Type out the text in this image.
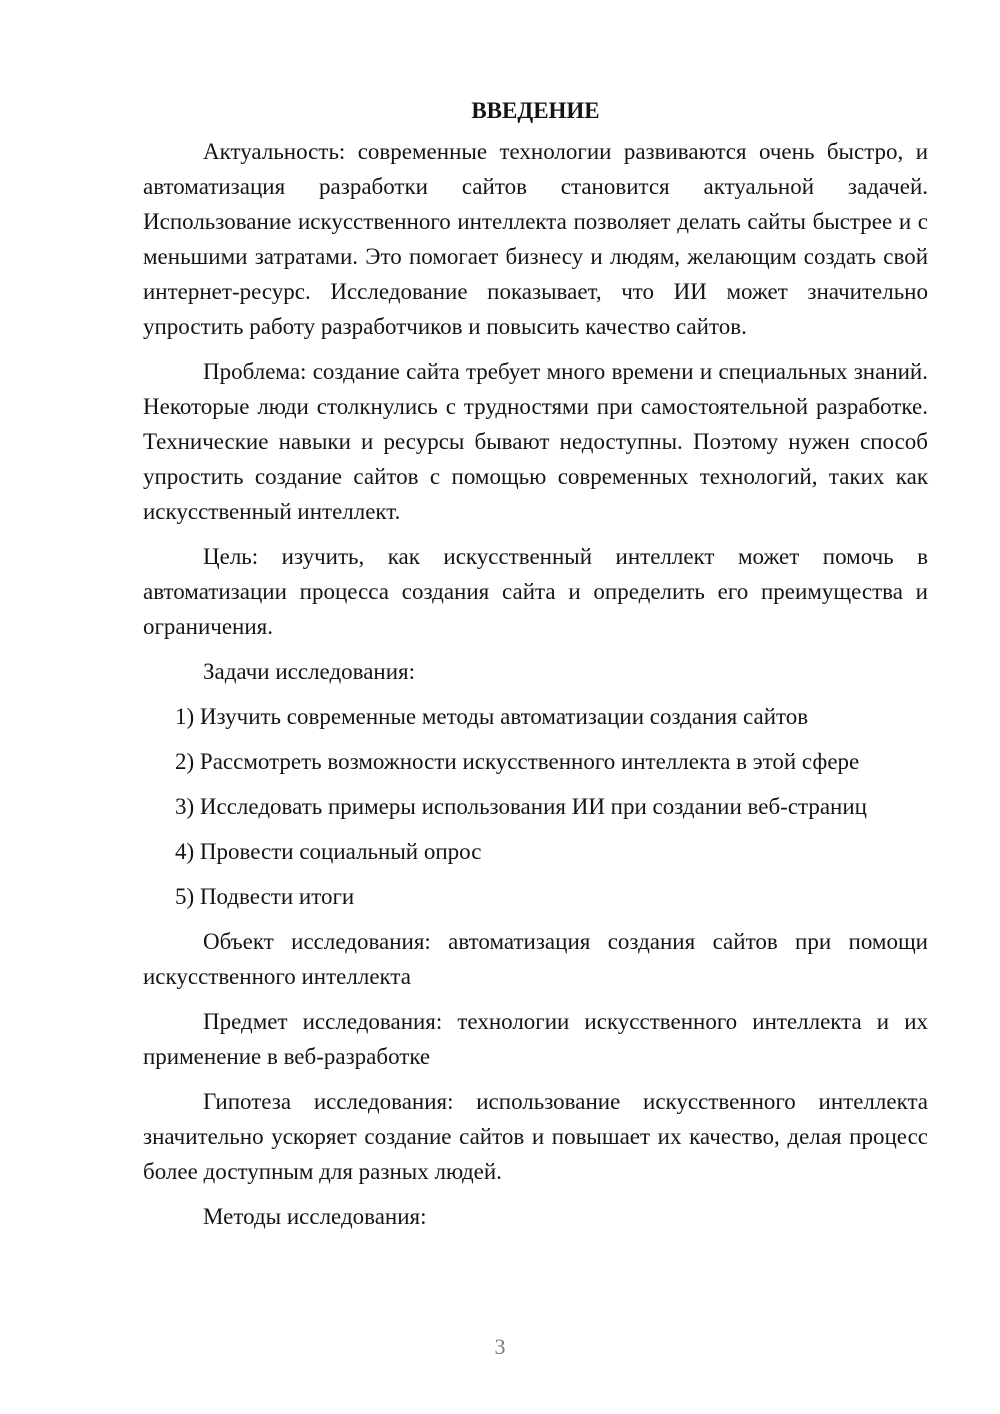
ВВЕДЕНИЕ

Актуальность: современные технологии развиваются очень быстро, и автоматизация разработки сайтов становится актуальной задачей. Использование искусственного интеллекта позволяет делать сайты быстрее и с меньшими затратами. Это помогает бизнесу и людям, желающим создать свой интернет-ресурс. Исследование показывает, что ИИ может значительно упростить работу разработчиков и повысить качество сайтов.

Проблема: создание сайта требует много времени и специальных знаний. Некоторые люди столкнулись с трудностями при самостоятельной разработке. Технические навыки и ресурсы бывают недоступны. Поэтому нужен способ упростить создание сайтов с помощью современных технологий, таких как искусственный интеллект.

Цель: изучить, как искусственный интеллект может помочь в автоматизации процесса создания сайта и определить его преимущества и ограничения.

Задачи исследования:

1) Изучить современные методы автоматизации создания сайтов
2) Рассмотреть возможности искусственного интеллекта в этой сфере
3) Исследовать примеры использования ИИ при создании веб-страниц
4) Провести социальный опрос
5) Подвести итоги

Объект исследования: автоматизация создания сайтов при помощи искусственного интеллекта

Предмет исследования: технологии искусственного интеллекта и их применение в веб-разработке

Гипотеза исследования: использование искусственного интеллекта значительно ускоряет создание сайтов и повышает их качество, делая процесс более доступным для разных людей.

Методы исследования:

3
